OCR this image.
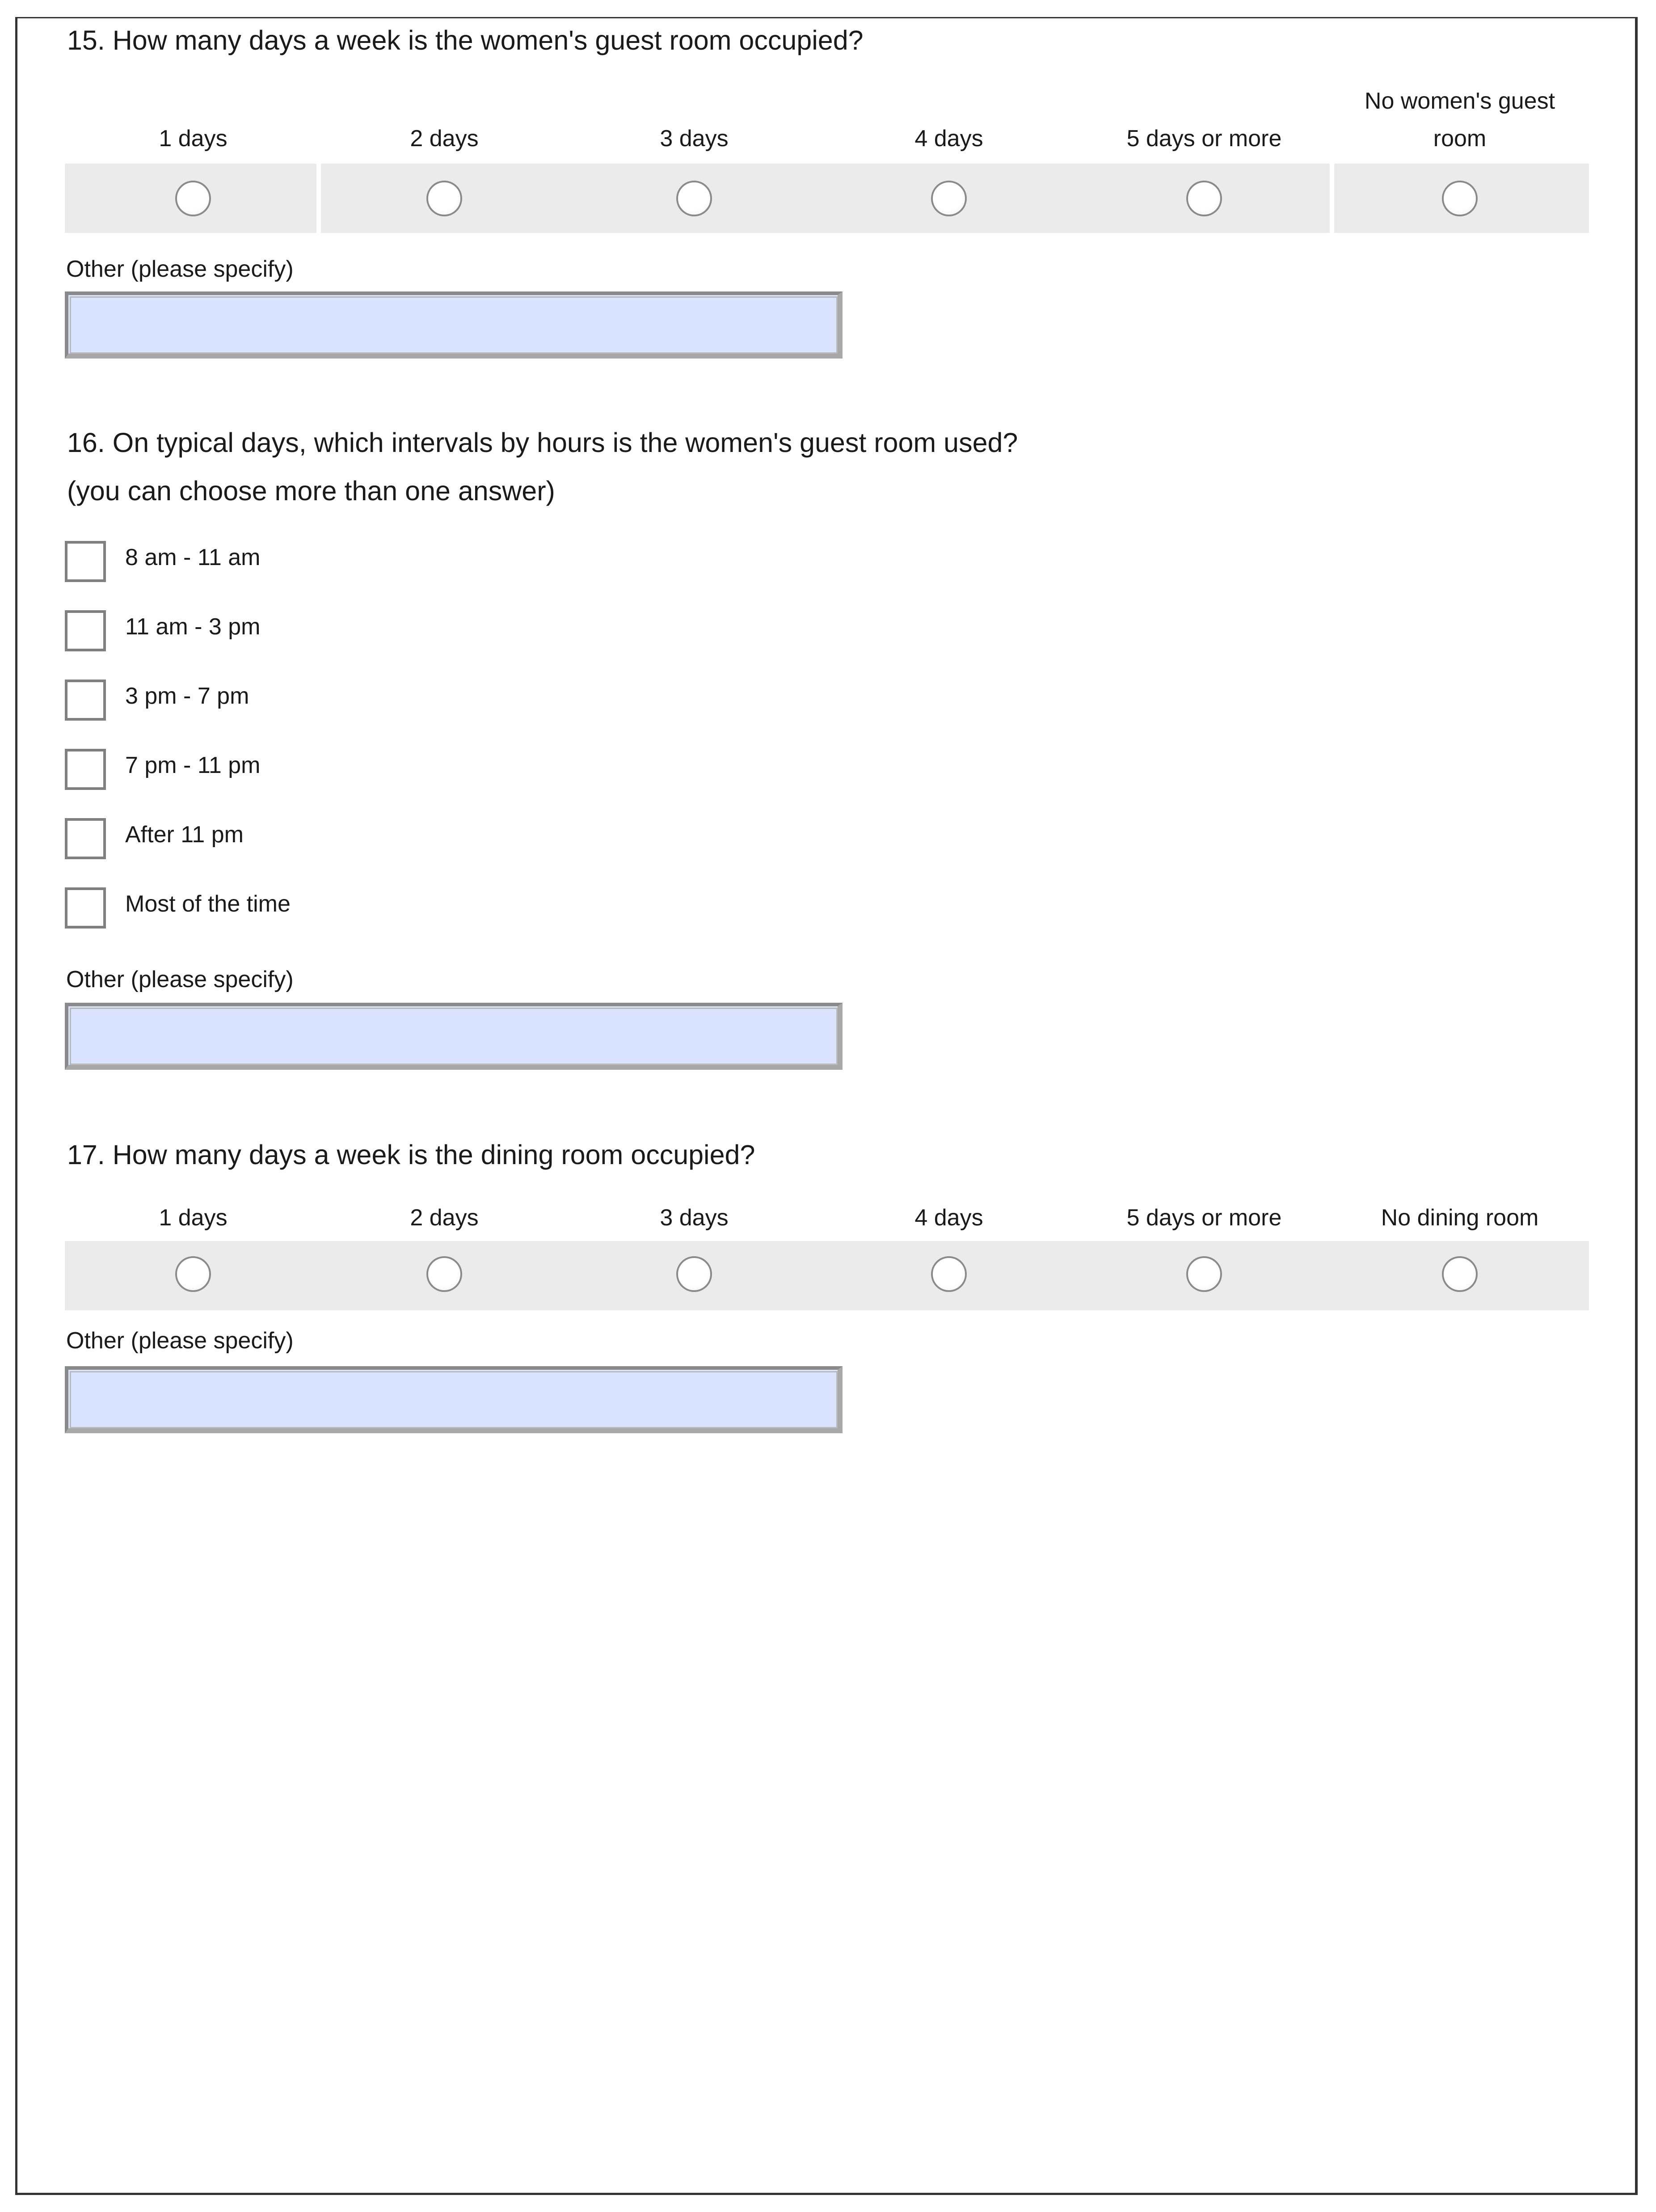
15. How many days a week is the women's guest room occupied?
1 days	2 days	3 days	4 days	5 days or more
No women's guest
room
Other (please specify)
16. On typical days, which intervals by hours is the women's guest room used?
(you can choose more than one answer)
8 am - 11 am
11 am - 3 pm
3 pm - 7 pm
7 pm - 11 pm
After 11 pm
Most of the time
Other (please specify)
17. How many days a week is the dining room occupied?
1 days	2 days	3 days	4 days	5 days or more	No dining room
Other (please specify)
